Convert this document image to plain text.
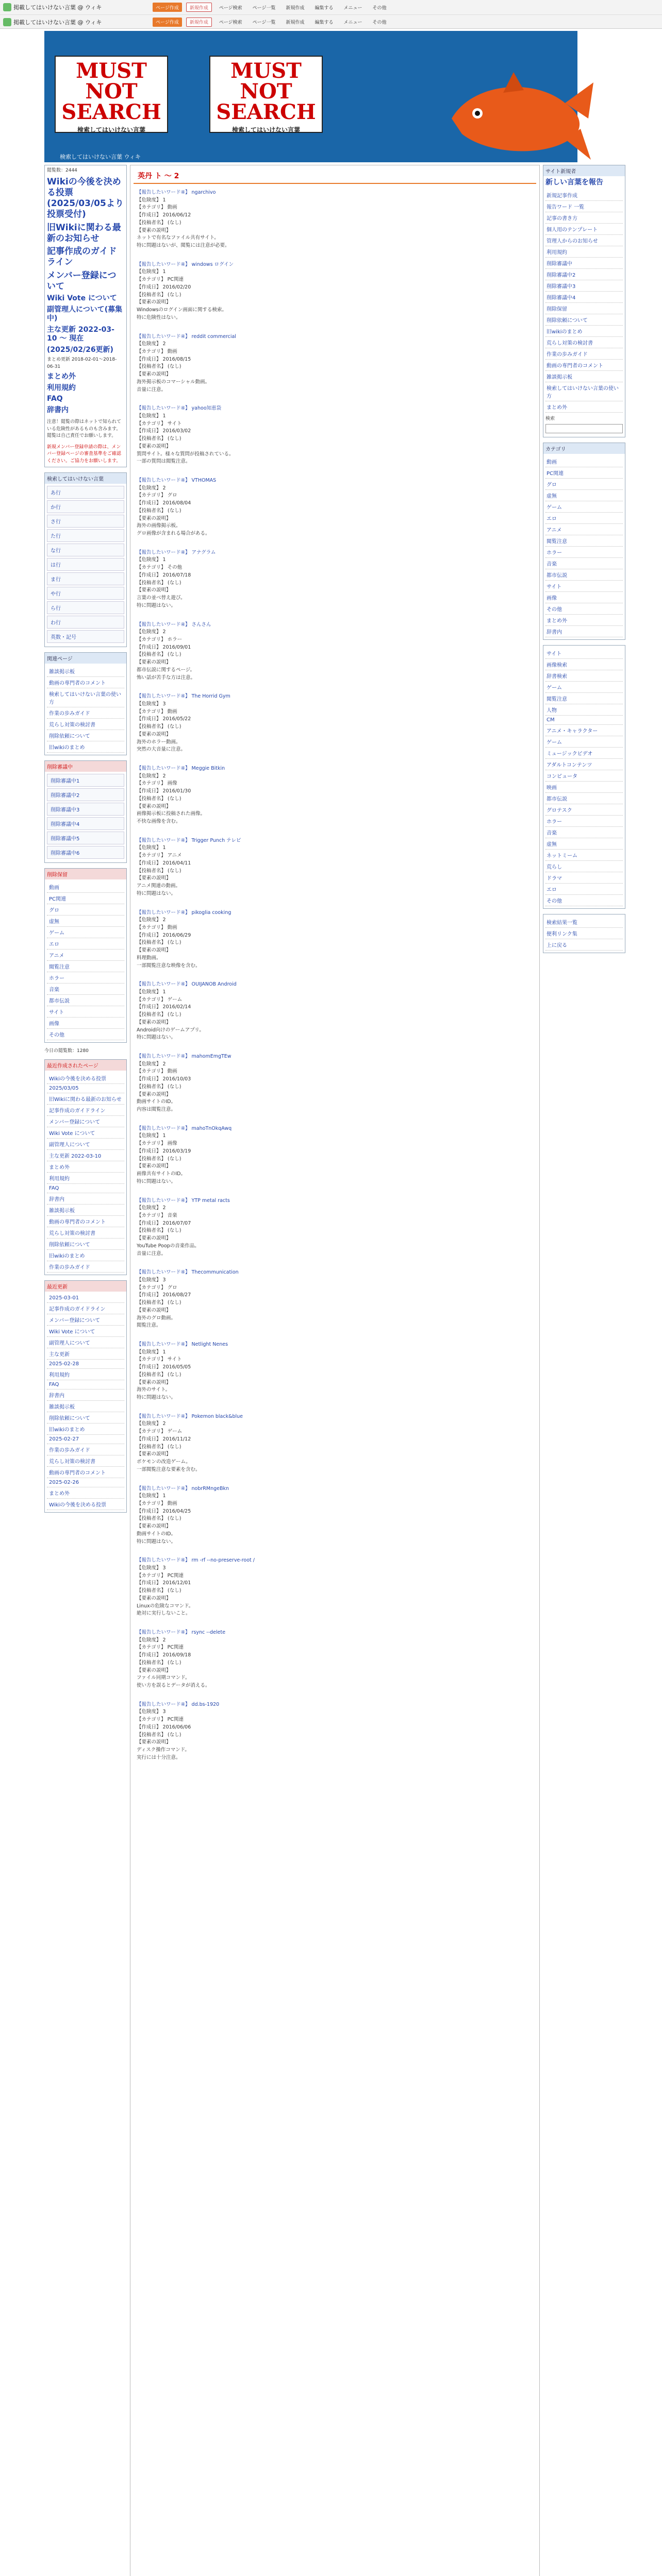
掲載してはいけない言葉 @ ウィキ	ページ作成	新規作成	ページ検索	ページ一覧	新規作成	編集する	メニュー	その他
掲載してはいけない言葉 @ ウィキ	ページ作成	新規作成	ページ検索	ページ一覧	新規作成	編集する	メニュー	その他
MUST NOT SEARCH
検索してはいけない言葉
MUST NOT SEARCH
検索してはいけない言葉
検索してはいけない言葉 ウィキ
閲覧数：2444
Wikiの今後を決める投票(2025/03/05より投票受付)
旧Wikiに関わる最新のお知らせ
記事作成のガイドライン
メンバー登録について
Wiki Vote について
副管理人について(募集中)
主な更新 2022-03-10 ～ 現在
(2025/02/26更新)
まとめ更新 2018-02-01～2018-06-31
まとめ外
利用規約
FAQ
辞書内
注意！閲覧の際はネットで知られている危険性があるものも含みます。閲覧は自己責任でお願いします。
新規メンバー登録申請の際は、メンバー登録ページの審査基準をご確認ください。ご協力をお願いします。
検索してはいけない言葉
あ行
か行
さ行
た行
な行
は行
ま行
や行
ら行
わ行
英数・記号
関連ページ
雑談掲示板
動画の専門者のコメント
検索してはいけない言葉の使い方
作業の歩みガイド
荒らし対策の検討書
削除依頼について
旧wikiのまとめ
削除審議中
削除審議中1
削除審議中2
削除審議中3
削除審議中4
削除審議中5
削除審議中6
削除保留
動画
PC関連
グロ
虚無
ゲーム
エロ
アニメ
閲覧注意
ホラー
音楽
都市伝説
サイト
画像
その他
今日の閲覧数：1280
最近作成されたページ
Wikiの今後を決める投票
2025/03/05
旧Wikiに関わる最新のお知らせ
記事作成のガイドライン
メンバー登録について
Wiki Vote について
副管理人について
主な更新 2022-03-10
まとめ外
利用規約
FAQ
辞書内
雑談掲示板
動画の専門者のコメント
荒らし対策の検討書
削除依頼について
旧wikiのまとめ
作業の歩みガイド
最近更新
2025-03-01
記事作成のガイドライン
メンバー登録について
Wiki Vote について
副管理人について
主な更新
2025-02-28
利用規約
FAQ
辞書内
雑談掲示板
削除依頼について
旧wikiのまとめ
2025-02-27
作業の歩みガイド
荒らし対策の検討書
動画の専門者のコメント
2025-02-26
まとめ外
Wikiの今後を決める投票
英丹 ト 〜 2
【報告したいワード④】 ngarchivo
【危険度】 1
【カテゴリ】 動画
【作成日】 2016/06/12
【投稿者名】 (なし)
【要素の説明】
ネットで有名なファイル共有サイト。
特に問題はないが、閲覧には注意が必要。
【報告したいワード④】 windows ログイン
【危険度】 1
【カテゴリ】 PC関連
【作成日】 2016/02/20
【投稿者名】 (なし)
【要素の説明】
Windowsのログイン画面に関する検索。
特に危険性はない。
【報告したいワード④】 reddit commercial
【危険度】 2
【カテゴリ】 動画
【作成日】 2016/08/15
【投稿者名】 (なし)
【要素の説明】
海外掲示板のコマーシャル動画。
音量に注意。
【報告したいワード④】 yahoo知恵袋
【危険度】 1
【カテゴリ】 サイト
【作成日】 2016/03/02
【投稿者名】 (なし)
【要素の説明】
質問サイト。様々な質問が投稿されている。
一部の質問は閲覧注意。
【報告したいワード④】 VTHOMAS
【危険度】 2
【カテゴリ】 グロ
【作成日】 2016/08/04
【投稿者名】 (なし)
【要素の説明】
海外の画像掲示板。
グロ画像が含まれる場合がある。
【報告したいワード④】 アナグラム
【危険度】 1
【カテゴリ】 その他
【作成日】 2016/07/18
【投稿者名】 (なし)
【要素の説明】
言葉の並べ替え遊び。
特に問題はない。
【報告したいワード④】 さんさん
【危険度】 2
【カテゴリ】 ホラー
【作成日】 2016/09/01
【投稿者名】 (なし)
【要素の説明】
都市伝説に関するページ。
怖い話が苦手な方は注意。
【報告したいワード④】 The Horrid Gym
【危険度】 3
【カテゴリ】 動画
【作成日】 2016/05/22
【投稿者名】 (なし)
【要素の説明】
海外のホラー動画。
突然の大音量に注意。
【報告したいワード④】 Meggie Bitkin
【危険度】 2
【カテゴリ】 画像
【作成日】 2016/01/30
【投稿者名】 (なし)
【要素の説明】
画像掲示板に投稿された画像。
不快な画像を含む。
【報告したいワード④】 Trigger Punch テレビ
【危険度】 1
【カテゴリ】 アニメ
【作成日】 2016/04/11
【投稿者名】 (なし)
【要素の説明】
アニメ関連の動画。
特に問題はない。
【報告したいワード④】 pikoglia cooking
【危険度】 2
【カテゴリ】 動画
【作成日】 2016/06/29
【投稿者名】 (なし)
【要素の説明】
料理動画。
一部閲覧注意な映像を含む。
【報告したいワード④】 OUIJANOB Android
【危険度】 1
【カテゴリ】 ゲーム
【作成日】 2016/02/14
【投稿者名】 (なし)
【要素の説明】
Android向けのゲームアプリ。
特に問題はない。
【報告したいワード④】 mahomEmgTEw
【危険度】 2
【カテゴリ】 動画
【作成日】 2016/10/03
【投稿者名】 (なし)
【要素の説明】
動画サイトのID。
内容は閲覧注意。
【報告したいワード④】 mahoTnOkqAwq
【危険度】 1
【カテゴリ】 画像
【作成日】 2016/03/19
【投稿者名】 (なし)
【要素の説明】
画像共有サイトのID。
特に問題はない。
【報告したいワード④】 YTP metal racts
【危険度】 2
【カテゴリ】 音楽
【作成日】 2016/07/07
【投稿者名】 (なし)
【要素の説明】
YouTube Poopの音楽作品。
音量に注意。
【報告したいワード④】 Thecommunication
【危険度】 3
【カテゴリ】 グロ
【作成日】 2016/08/27
【投稿者名】 (なし)
【要素の説明】
海外のグロ動画。
閲覧注意。
【報告したいワード④】 Netlight Nenes
【危険度】 1
【カテゴリ】 サイト
【作成日】 2016/05/05
【投稿者名】 (なし)
【要素の説明】
海外のサイト。
特に問題はない。
【報告したいワード④】 Pokemon black&blue
【危険度】 2
【カテゴリ】 ゲーム
【作成日】 2016/11/12
【投稿者名】 (なし)
【要素の説明】
ポケモンの改造ゲーム。
一部閲覧注意な要素を含む。
【報告したいワード④】 nobrRMngeBkn
【危険度】 1
【カテゴリ】 動画
【作成日】 2016/04/25
【投稿者名】 (なし)
【要素の説明】
動画サイトのID。
特に問題はない。
【報告したいワード④】 rm -rf --no-preserve-root /
【危険度】 3
【カテゴリ】 PC関連
【作成日】 2016/12/01
【投稿者名】 (なし)
【要素の説明】
Linuxの危険なコマンド。
絶対に実行しないこと。
【報告したいワード④】 rsync --delete
【危険度】 2
【カテゴリ】 PC関連
【作成日】 2016/09/18
【投稿者名】 (なし)
【要素の説明】
ファイル同期コマンド。
使い方を誤るとデータが消える。
【報告したいワード④】 dd.bs-1920
【危険度】 3
【カテゴリ】 PC関連
【作成日】 2016/06/06
【投稿者名】 (なし)
【要素の説明】
ディスク操作コマンド。
実行には十分注意。
サイト新規者
新しい言葉を報告
新規記事作成
報告ワード 一覧
記事の書き方
個人用のテンプレート
管理人からのお知らせ
利用規約
削除審議中
削除審議中2
削除審議中3
削除審議中4
削除保留
削除依頼について
旧wikiのまとめ
荒らし対策の検討書
作業の歩みガイド
動画の専門者のコメント
雑談掲示板
検索してはいけない言葉の使い方
まとめ外
検索
カテゴリ
動画
PC関連
グロ
虚無
ゲーム
エロ
アニメ
閲覧注意
ホラー
音楽
都市伝説
サイト
画像
その他
まとめ外
辞書内
サイト
画像検索
辞書検索
ゲーム
閲覧注意
人物
CM
アニメ・キャラクター
ゲーム
ミュージックビデオ
アダルトコンテンツ
コンピュータ
映画
都市伝説
グロテスク
ホラー
音楽
虚無
ネットミーム
荒らし
ドラマ
エロ
その他
検索結果一覧
便利リンク集
上に戻る
